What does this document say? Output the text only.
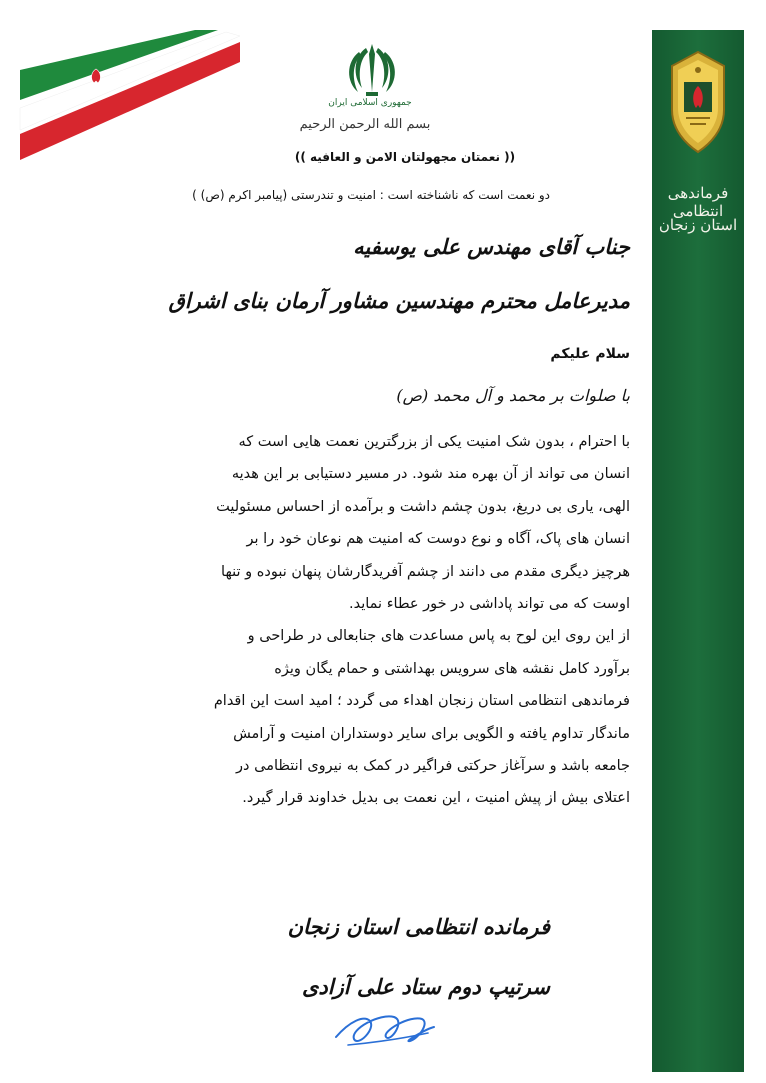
فرماندهی انتظامی
استان زنجان
جمهوری اسلامی ایران
بسم الله الرحمن الرحیم
(( نعمتان مجهولتان الامن و العافیه ))
دو نعمت است که ناشناخته است : امنیت و تندرستی (پیامبر اکرم (ص) )
جناب آقای مهندس علی یوسفیه
مدیرعامل محترم مهندسین مشاور آرمان بنای اشراق
سلام علیکم
با صلوات بر محمد و آل محمد (ص)

با احترام ، بدون شک امنیت یکی از بزرگترین نعمت هایی است که

انسان می تواند از آن بهره مند شود. در مسیر دستیابی بر این هدیه

الهی، یاری بی دریغ، بدون چشم داشت و برآمده از احساس مسئولیت

انسان های پاک، آگاه و نوع دوست که امنیت هم نوعان خود را بر

هرچیز دیگری مقدم می دانند از چشم آفریدگارشان پنهان نبوده و تنها

اوست که می تواند پاداشی در خور عطاء نماید.

از این روی این لوح به پاس مساعدت های جنابعالی در طراحی و

برآورد کامل نقشه های سرویس بهداشتی و حمام یگان ویژه

فرماندهی انتظامی استان زنجان اهداء می گردد ؛ امید است این اقدام

ماندگار تداوم یافته و الگویی برای سایر دوستداران امنیت و آرامش

جامعه باشد و سرآغاز حرکتی فراگیر در کمک به نیروی انتظامی در

اعتلای بیش از پیش امنیت ، این نعمت بی بدیل خداوند قرار گیرد.

فرمانده انتظامی استان زنجان
سرتیپ دوم ستاد علی آزادی
